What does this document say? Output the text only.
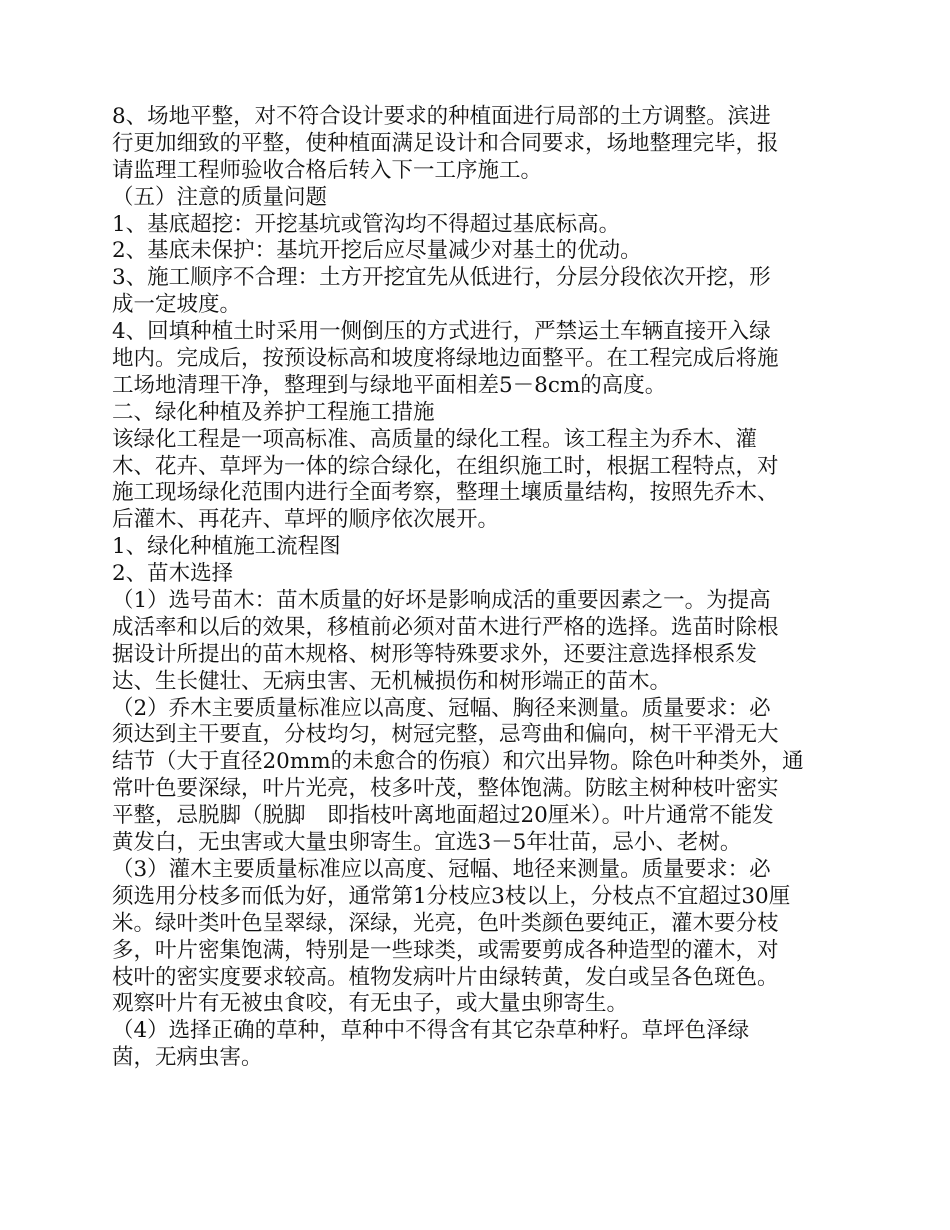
8、场地平整，对不符合设计要求的种植面进行局部的土方调整。滨进
行更加细致的平整，使种植面满足设计和合同要求，场地整理完毕，报
请监理工程师验收合格后转入下一工序施工。
（五）注意的质量问题
1、基底超挖：开挖基坑或管沟均不得超过基底标高。
2、基底未保护：基坑开挖后应尽量减少对基土的优动。
3、施工顺序不合理：土方开挖宜先从低进行，分层分段依次开挖，形
成一定坡度。
4、回填种植土时采用一侧倒压的方式进行，严禁运土车辆直接开入绿
地内。完成后，按预设标高和坡度将绿地边面整平。在工程完成后将施
工场地清理干净，整理到与绿地平面相差5－8cm的高度。
二、绿化种植及养护工程施工措施
该绿化工程是一项高标准、高质量的绿化工程。该工程主为乔木、灌
木、花卉、草坪为一体的综合绿化，在组织施工时，根据工程特点，对
施工现场绿化范围内进行全面考察，整理土壤质量结构，按照先乔木、
后灌木、再花卉、草坪的顺序依次展开。
1、绿化种植施工流程图
2、苗木选择
（1）选号苗木：苗木质量的好坏是影响成活的重要因素之一。为提高
成活率和以后的效果，移植前必须对苗木进行严格的选择。选苗时除根
据设计所提出的苗木规格、树形等特殊要求外，还要注意选择根系发
达、生长健壮、无病虫害、无机械损伤和树形端正的苗木。
（2）乔木主要质量标准应以高度、冠幅、胸径来测量。质量要求：必
须达到主干要直，分枝均匀，树冠完整，忌弯曲和偏向，树干平滑无大
结节（大于直径20mm的未愈合的伤痕）和穴出异物。除色叶种类外，通
常叶色要深绿，叶片光亮，枝多叶茂，整体饱满。防眩主树种枝叶密实
平整，忌脱脚（脱脚　即指枝叶离地面超过20厘米）。叶片通常不能发
黄发白，无虫害或大量虫卵寄生。宜选3－5年壮苗，忌小、老树。
（3）灌木主要质量标准应以高度、冠幅、地径来测量。质量要求：必
须选用分枝多而低为好，通常第1分枝应3枝以上，分枝点不宜超过30厘
米。绿叶类叶色呈翠绿，深绿，光亮，色叶类颜色要纯正，灌木要分枝
多，叶片密集饱满，特别是一些球类，或需要剪成各种造型的灌木，对
枝叶的密实度要求较高。植物发病叶片由绿转黄，发白或呈各色斑色。
观察叶片有无被虫食咬，有无虫子，或大量虫卵寄生。
（4）选择正确的草种，草种中不得含有其它杂草种籽。草坪色泽绿
茵，无病虫害。
